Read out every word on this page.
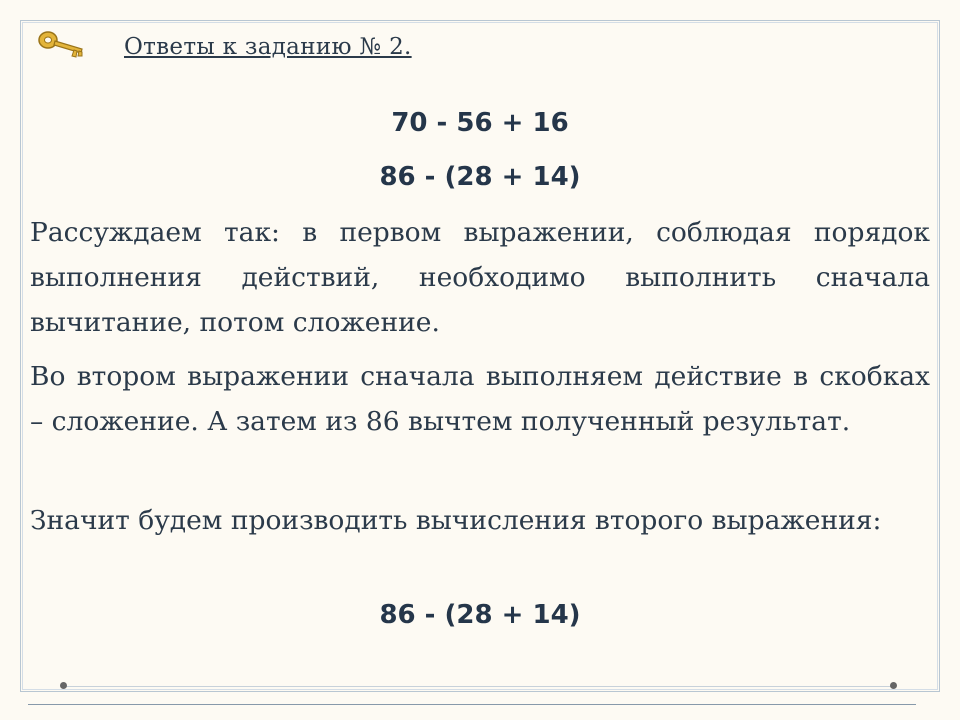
Ответы к заданию № 2.
70 - 56 + 16
86 - (28 + 14)
Рассуждаем так: в первом выражении, соблюдая порядок выполнения действий, необходимо выполнить сначала вычитание, потом сложение.
Во втором выражении сначала выполняем действие в скобках – сложение. А затем из 86 вычтем полученный результат.
Значит будем производить вычисления второго выражения:
86 - (28 + 14)
